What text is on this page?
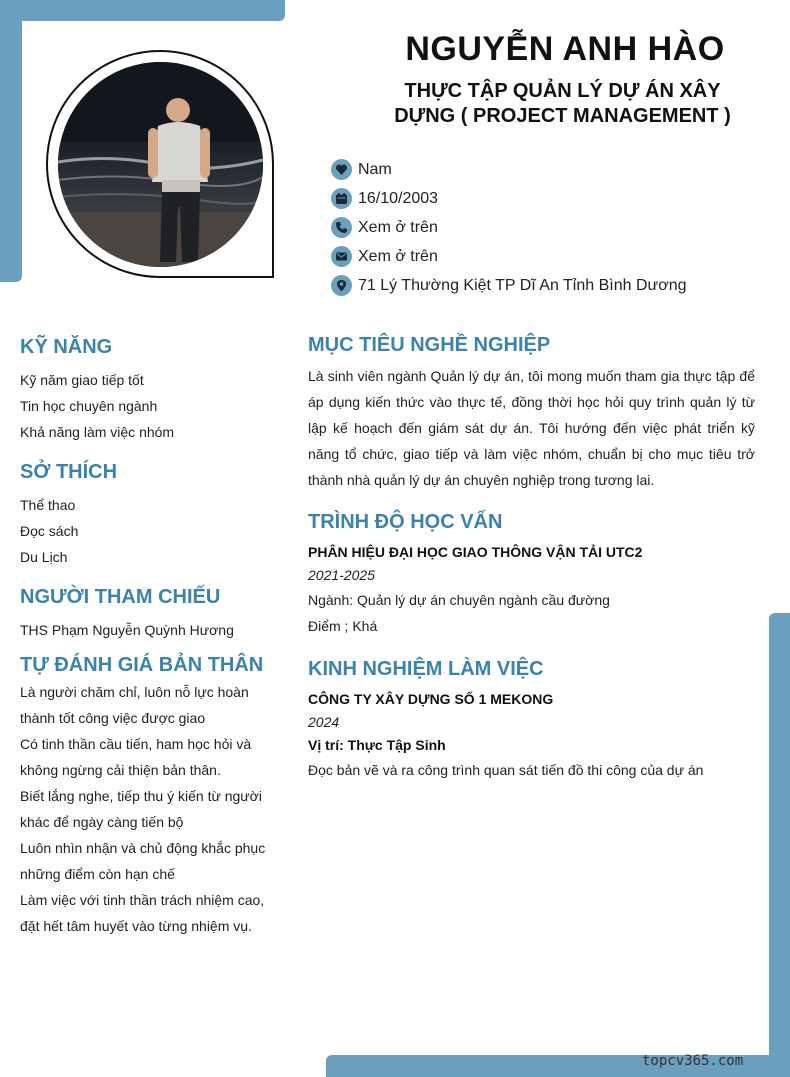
NGUYỄN ANH HÀO
THỰC TẬP QUẢN LÝ DỰ ÁN XÂY DỰNG ( PROJECT MANAGEMENT )
Nam
16/10/2003
Xem ở trên
Xem ở trên
71 Lý Thường Kiệt TP Dĩ An Tỉnh Bình Dương
KỸ NĂNG
Kỹ năm giao tiếp tốt
Tin học chuyên ngành
Khả năng làm việc nhóm
SỞ THÍCH
Thể thao
Đọc sách
Du Lịch
NGƯỜI THAM CHIẾU
THS Phạm Nguyễn Quỳnh Hương
TỰ ĐÁNH GIÁ BẢN THÂN
Là người chăm chỉ, luôn nỗ lực hoàn
thành tốt công việc được giao
Có tinh thần cầu tiến, ham học hỏi và
không ngừng cải thiện bản thân.
Biết lắng nghe, tiếp thu ý kiến từ người
khác để ngày càng tiến bộ
Luôn nhìn nhận và chủ động khắc phục
những điểm còn hạn chế
Làm việc với tinh thần trách nhiệm cao,
đặt hết tâm huyết vào từng nhiệm vụ.
MỤC TIÊU NGHỀ NGHIỆP
Là sinh viên ngành Quản lý dự án, tôi mong muốn tham gia thực tập để áp dụng kiến thức vào thực tế, đồng thời học hỏi quy trình quản lý từ lập kế hoạch đến giám sát dự án. Tôi hướng đến việc phát triển kỹ năng tổ chức, giao tiếp và làm việc nhóm, chuẩn bị cho mục tiêu trở thành nhà quản lý dự án chuyên nghiệp trong tương lai.
TRÌNH ĐỘ HỌC VẤN
PHÂN HIỆU ĐẠI HỌC GIAO THÔNG VẬN TẢI UTC2
2021-2025
Ngành: Quản lý dự án chuyên ngành cầu đường
Điểm ; Khá
KINH NGHIỆM LÀM VIỆC
CÔNG TY XÂY DỰNG SỐ 1 MEKONG
2024
Vị trí: Thực Tập Sinh
Đọc bản vẽ và ra công trình quan sát tiến đồ thi công của dự án
topcv365.com
